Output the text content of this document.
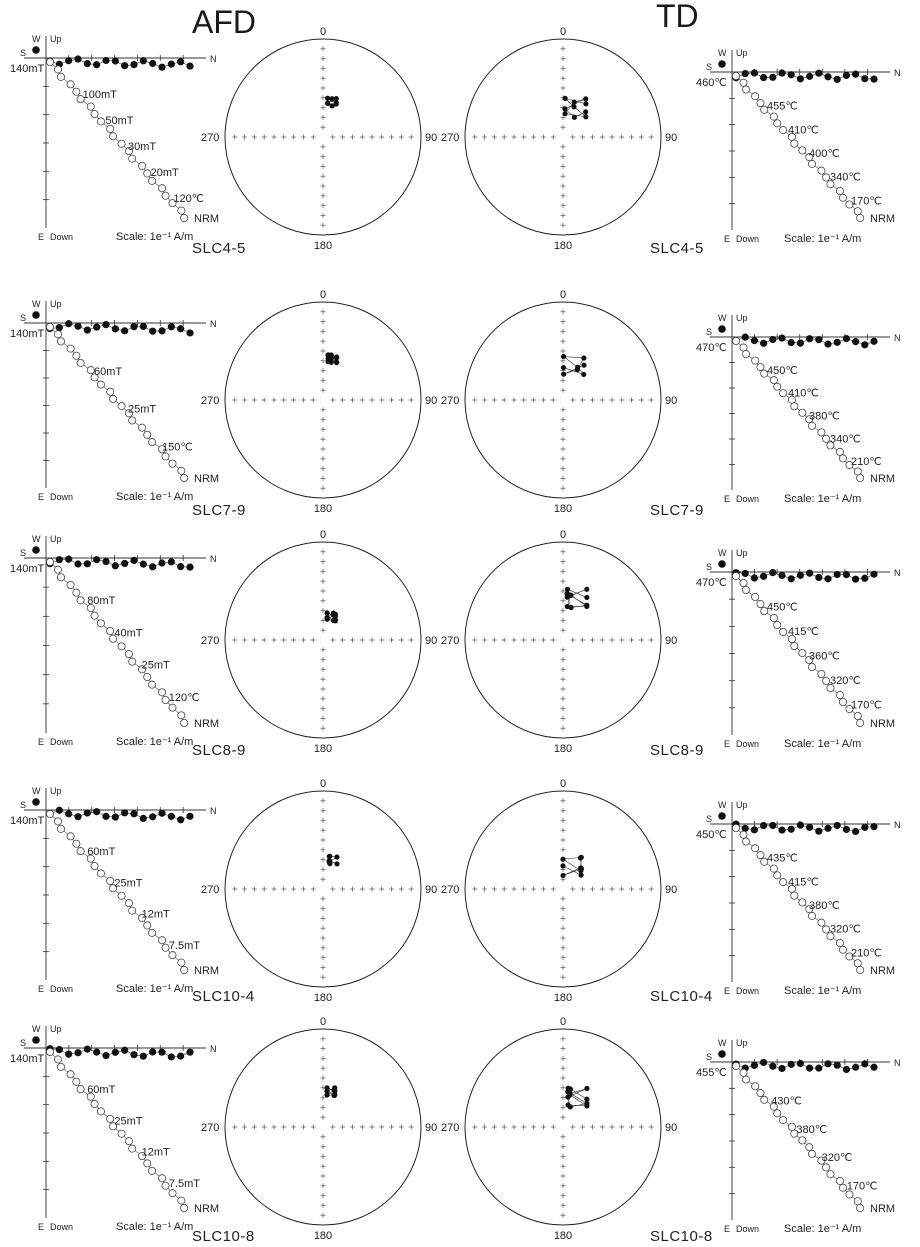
AFD	TD
W Up
S
N
E Down	Scale: 1e⁻¹ A/m
140mT
100mT
50mT
30mT
20mT
120℃
NRM
0
180
90
270
0
180
90
270
W Up
S
N
E Down Scale: 1e⁻¹ A/m
460℃
455℃
410℃
400℃
340℃
170℃
NRM
SLC4-5	SLC4-5
W Up
S
N
E Down	Scale: 1e⁻¹ A/m
140mT
60mT
25mT
150℃
NRM
0
180
90
270
0
180
90
270
W Up
S
N
E Down Scale: 1e⁻¹ A/m
470℃
450℃
410℃
380℃
340℃
210℃
NRM
SLC7-9	SLC7-9
W Up
S
N
E Down	Scale: 1e⁻¹ A/m
140mT
80mT
40mT
25mT
120℃
NRM
0
180
90
270
0
180
90
270
W Up
S
N
E Down Scale: 1e⁻¹ A/m
470℃
450℃
415℃
360℃
320℃
170℃
NRM
SLC8-9	SLC8-9
W Up
S
N
E Down	Scale: 1e⁻¹ A/m
140mT
60mT
25mT
12mT
7.5mT
NRM
0
180
90
270
0
180
90
270
W Up
S
N
E Down Scale: 1e⁻¹ A/m
450℃
435℃
415℃
380℃
320℃
210℃
NRM
SLC10-4	SLC10-4
W Up
S
N
E Down	Scale: 1e⁻¹ A/m
140mT
60mT
25mT
12mT
7.5mT
NRM
0
180
90
270
0
180
90
270
W Up
S
N
E Down Scale: 1e⁻¹ A/m
455℃
430℃
380℃
320℃
170℃
NRM
SLC10-8	SLC10-8
